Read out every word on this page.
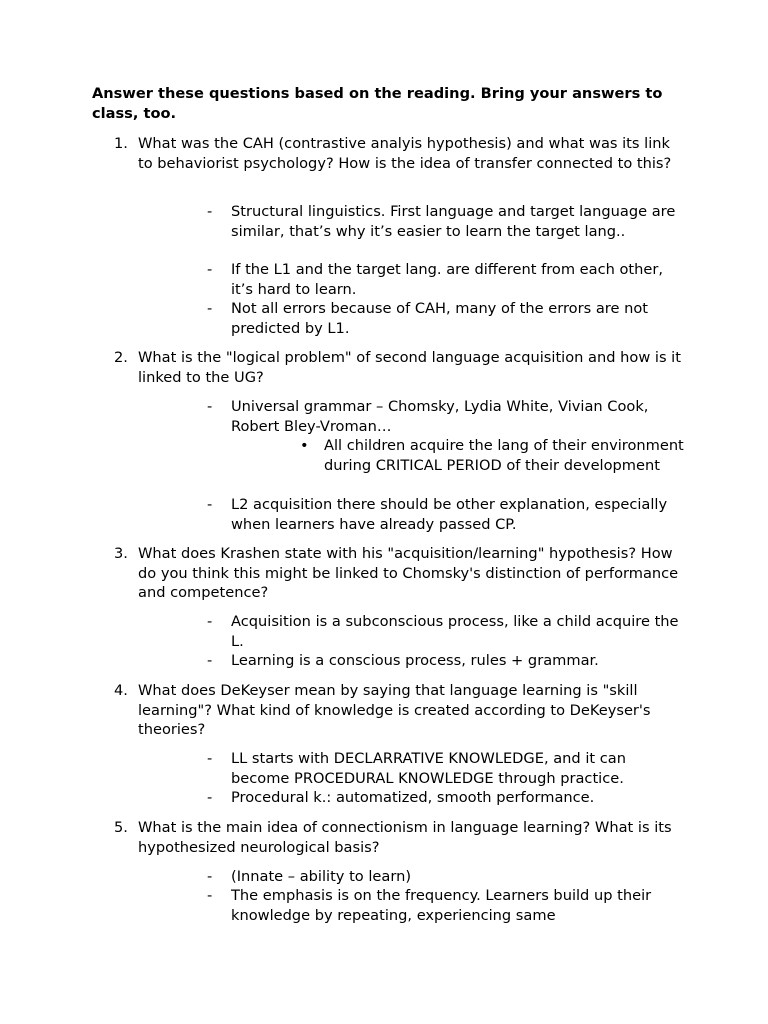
Answer these questions based on the reading. Bring your answers to class, too.
1. What was the CAH (contrastive analyis hypothesis) and what was its link to behaviorist psychology? How is the idea of transfer connected to this?
- Structural linguistics. First language and target language are similar, that’s why it’s easier to learn the target lang..
- If the L1 and the target lang. are different from each other, it’s hard to learn.
- Not all errors because of CAH, many of the errors are not predicted by L1.
2. What is the "logical problem" of second language acquisition and how is it linked to the UG?
- Universal grammar – Chomsky, Lydia White, Vivian Cook, Robert Bley-Vroman…
• All children acquire the lang of their environment during CRITICAL PERIOD of their development
- L2 acquisition there should be other explanation, especially when learners have already passed CP.
3. What does Krashen state with his "acquisition/learning" hypothesis? How do you think this might be linked to Chomsky's distinction of performance and competence?
- Acquisition is a subconscious process, like a child acquire the L.
- Learning is a conscious process, rules + grammar.
4. What does DeKeyser mean by saying that language learning is "skill learning"? What kind of knowledge is created according to DeKeyser's theories?
- LL starts with DECLARRATIVE KNOWLEDGE, and it can become PROCEDURAL KNOWLEDGE through practice.
- Procedural k.: automatized, smooth performance.
5. What is the main idea of connectionism in language learning? What is its hypothesized neurological basis?
- (Innate – ability to learn)
- The emphasis is on the frequency. Learners build up their knowledge by repeating, experiencing same
